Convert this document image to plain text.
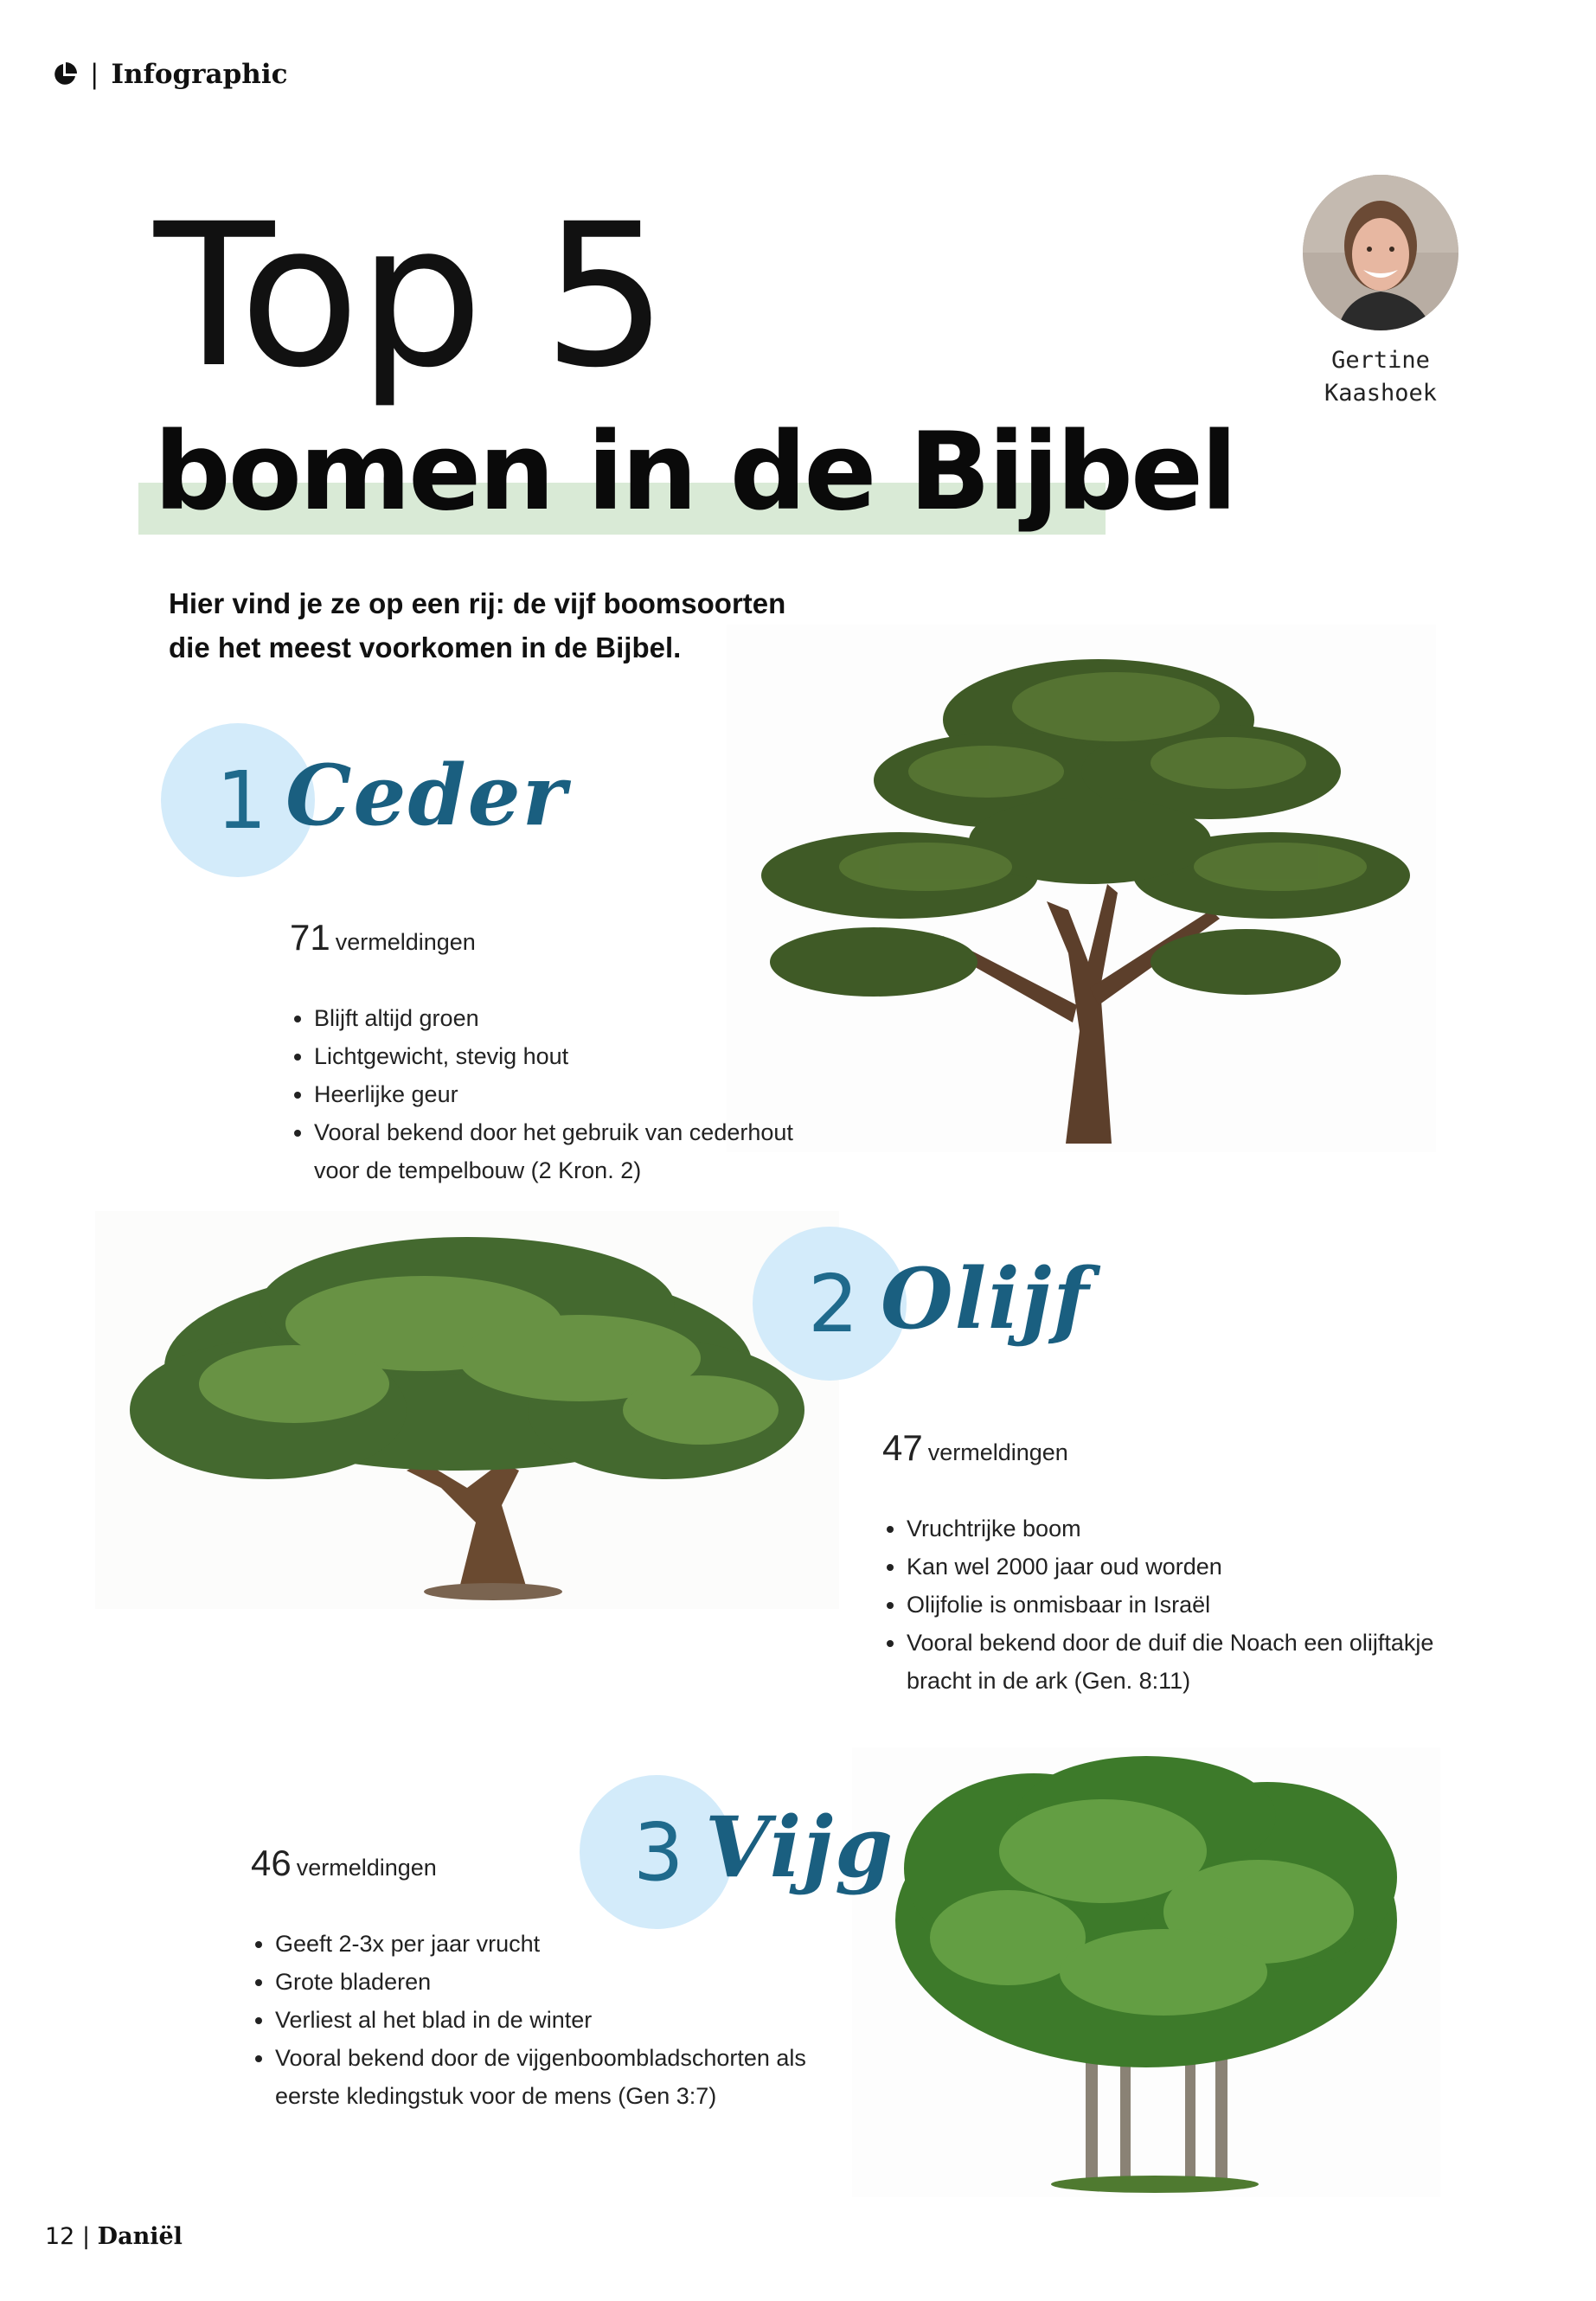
| Infographic
Top 5
bomen in de Bijbel
Gertine
Kaashoek
Hier vind je ze op een rij: de vijf boomsoorten
die het meest voorkomen in de Bijbel.
1 Ceder
71 vermeldingen
• Blijft altijd groen
• Lichtgewicht, stevig hout
• Heerlijke geur
• Vooral bekend door het gebruik van cederhout voor de tempelbouw (2 Kron. 2)
2 Olijf
47 vermeldingen
• Vruchtrijke boom
• Kan wel 2000 jaar oud worden
• Olijfolie is onmisbaar in Israël
• Vooral bekend door de duif die Noach een olijftakje bracht in de ark (Gen. 8:11)
3 Vijg
46 vermeldingen
• Geeft 2-3x per jaar vrucht
• Grote bladeren
• Verliest al het blad in de winter
• Vooral bekend door de vijgenboombladschorten als eerste kledingstuk voor de mens (Gen 3:7)
12 | Daniël
